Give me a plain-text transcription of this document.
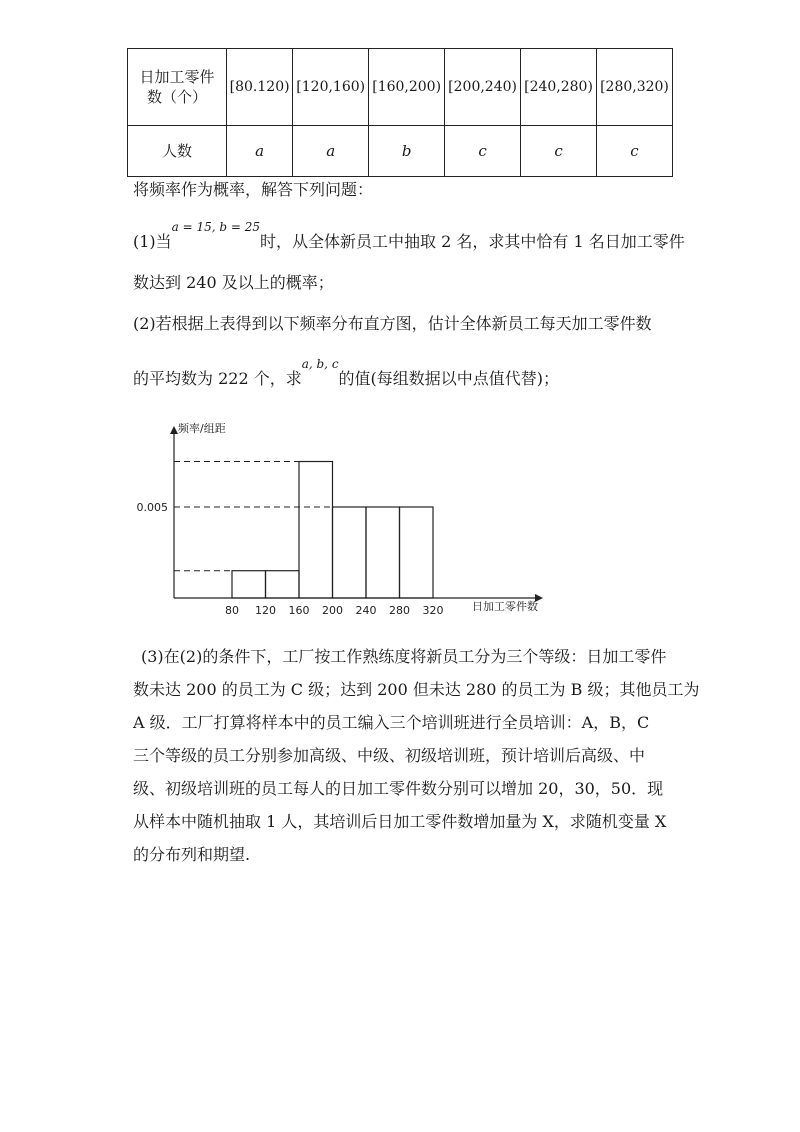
日加工零件
数（个）	[80.120)	[120,160)	[160,200)	[200,240)	[240,280)	[280,320)
人数	a	a	b	c	c	c
将频率作为概率，解答下列问题：
(1)当$^{a = 15, b = 25}$时，从全体新员工中抽取 2 名，求其中恰有 1 名日加工零件
数达到 240 及以上的概率；
(2)若根据上表得到以下频率分布直方图，估计全体新员工每天加工零件数
的平均数为 222 个，求$^{a, b, c}$的值(每组数据以中点值代替)；
80 120 160 200 240 280 320
0.005
频率/组距
日加工零件数
(3)在(2)的条件下，工厂按工作熟练度将新员工分为三个等级：日加工零件
数未达 200 的员工为 C 级；达到 200 但未达 280 的员工为 B 级；其他员工为
A 级．工厂打算将样本中的员工编入三个培训班进行全员培训：A，B，C
三个等级的员工分别参加高级、中级、初级培训班，预计培训后高级、中
级、初级培训班的员工每人的日加工零件数分别可以增加 20，30，50．现
从样本中随机抽取 1 人，其培训后日加工零件数增加量为 X，求随机变量 X
的分布列和期望.
